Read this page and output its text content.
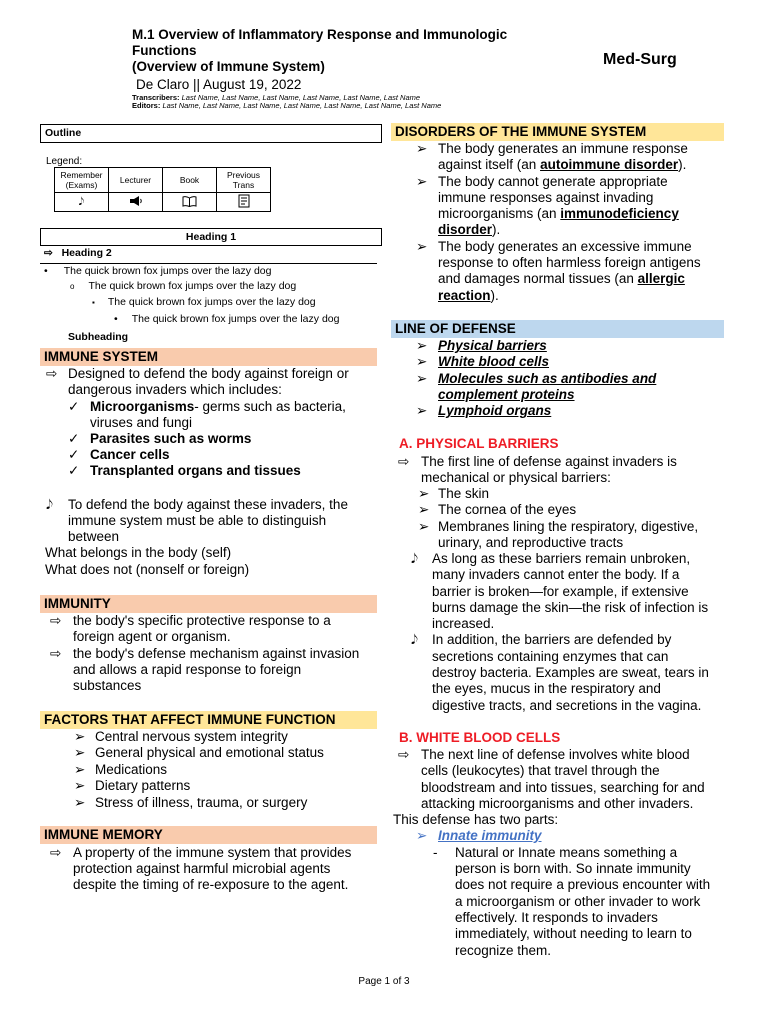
M.1 Overview of Inflammatory Response and Immunologic
Functions
(Overview of Immune System)
De Claro || August 19, 2022
Transcribers: Last Name, Last Name, Last Name, Last Name, Last Name, Last Name
Editors: Last Name, Last Name, Last Name, Last Name, Last Name, Last Name, Last Name
Med-Surg
Outline
Legend:
Remember (Exams)	Lecturer	Book	Previous Trans
𝅘𝅥𝅮			
Heading 1
⇨ Heading 2
• The quick brown fox jumps over the lazy dog
o The quick brown fox jumps over the lazy dog
▪ The quick brown fox jumps over the lazy dog
• The quick brown fox jumps over the lazy dog
Subheading
IMMUNE SYSTEM
⇨ Designed to defend the body against foreign or
dangerous invaders which includes:
✓ Microorganisms- germs such as bacteria,
viruses and fungi
✓ Parasites such as worms
✓ Cancer cells
✓ Transplanted organs and tissues
𝅘𝅥𝅮 To defend the body against these invaders, the
immune system must be able to distinguish
between
What belongs in the body (self)
What does not (nonself or foreign)
IMMUNITY
⇨ the body's specific protective response to a
foreign agent or organism.
⇨ the body's defense mechanism against invasion
and allows a rapid response to foreign
substances
FACTORS THAT AFFECT IMMUNE FUNCTION
➢ Central nervous system integrity
➢ General physical and emotional status
➢ Medications
➢ Dietary patterns
➢ Stress of illness, trauma, or surgery
IMMUNE MEMORY
⇨ A property of the immune system that provides
protection against harmful microbial agents
despite the timing of re-exposure to the agent.
DISORDERS OF THE IMMUNE SYSTEM
➢ The body generates an immune response
against itself (an autoimmune disorder).
➢ The body cannot generate appropriate
immune responses against invading
microorganisms (an immunodeficiency
disorder).
➢ The body generates an excessive immune
response to often harmless foreign antigens
and damages normal tissues (an allergic
reaction).
LINE OF DEFENSE
➢ Physical barriers
➢ White blood cells
➢ Molecules such as antibodies and
complement proteins
➢ Lymphoid organs
A. PHYSICAL BARRIERS
⇨ The first line of defense against invaders is
mechanical or physical barriers:
➢ The skin
➢ The cornea of the eyes
➢ Membranes lining the respiratory, digestive,
urinary, and reproductive tracts
𝅘𝅥𝅮 As long as these barriers remain unbroken,
many invaders cannot enter the body. If a
barrier is broken—for example, if extensive
burns damage the skin—the risk of infection is
increased.
𝅘𝅥𝅮 In addition, the barriers are defended by
secretions containing enzymes that can
destroy bacteria. Examples are sweat, tears in
the eyes, mucus in the respiratory and
digestive tracts, and secretions in the vagina.
B. WHITE BLOOD CELLS
⇨ The next line of defense involves white blood
cells (leukocytes) that travel through the
bloodstream and into tissues, searching for and
attacking microorganisms and other invaders.
This defense has two parts:
➢ Innate immunity
- Natural or Innate means something a
person is born with. So innate immunity
does not require a previous encounter with
a microorganism or other invader to work
effectively. It responds to invaders
immediately, without needing to learn to
recognize them.
Page 1 of 3
